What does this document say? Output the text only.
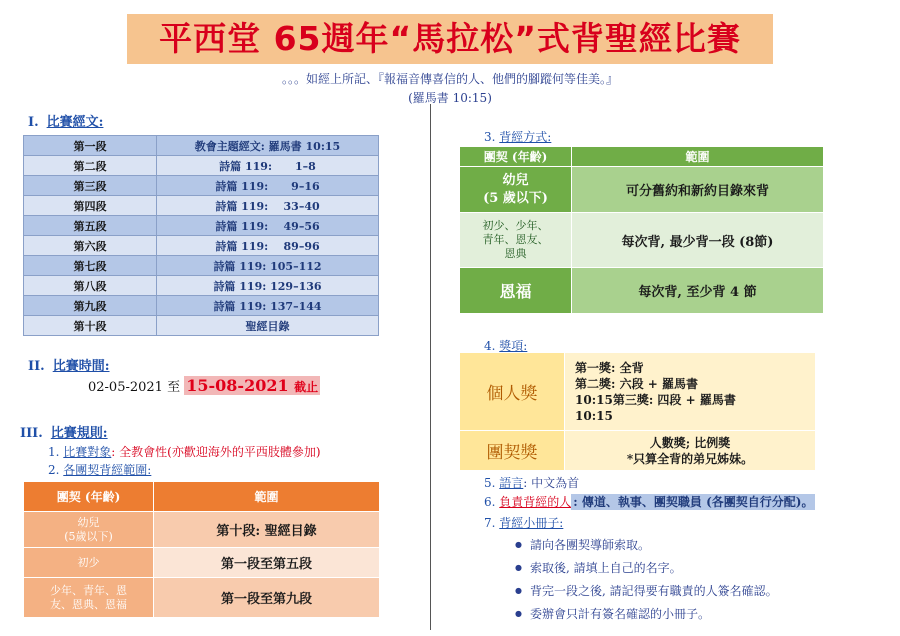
平西堂 65週年“馬拉松”式背聖經比賽
。。。如經上所記、『報福音傳喜信的人、他們的腳蹤何等佳美。』
(羅馬書 10:15)
I. 比賽經文:
第一段	教會主題經文: 羅馬書 10:15
第二段	詩篇 119:      1–8
第三段	詩篇 119:      9–16
第四段	詩篇 119:    33–40
第五段	詩篇 119:    49–56
第六段	詩篇 119:    89–96
第七段	詩篇 119: 105–112
第八段	詩篇 119: 129–136
第九段	詩篇 119: 137–144
第十段	聖經目錄
II. 比賽時間:
02-05-2021 至 15-08-2021 截止
III. 比賽規則:
1. 比賽對象: 全教會性(亦歡迎海外的平西肢體參加)
2. 各團契背經範圍:
團契 (年齡)	範圍
幼兒
(5歲以下)	第十段: 聖經目錄
初少	第一段至第五段
少年、青年、恩
友、恩典、恩福	第一段至第九段
3. 背經方式:
團契 (年齡)	範圍
幼兒
(5 歲以下)	可分舊約和新約目錄來背
初少、少年、
青年、恩友、
恩典	每次背, 最少背一段 (8節)
恩福	每次背, 至少背 4 節
4. 獎項:
個人獎	第一獎: 全背
第二獎: 六段 + 羅馬書
10:15第三獎: 四段 + 羅馬書
10:15

團契獎	人數獎; 比例獎
*只算全背的弟兄姊妹。
5. 語言: 中文為首
6. 負責背經的人 : 傳道、執事、團契職員 (各團契自行分配)。
7. 背經小冊子:
● 請向各團契導師索取。
● 索取後, 請填上自己的名字。
● 背完一段之後, 請記得要有職責的人簽名確認。
● 委辦會只計有簽名確認的小冊子。
